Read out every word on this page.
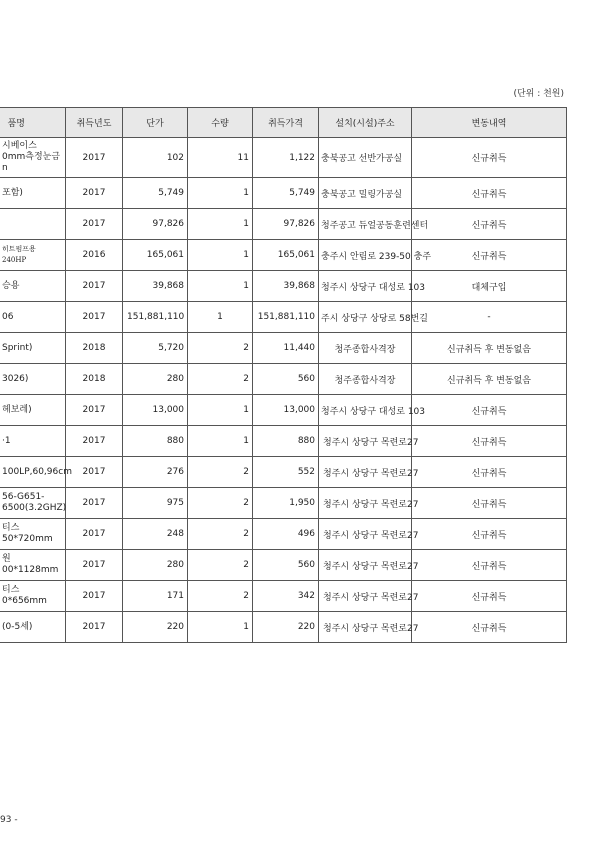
(단위 : 천원)
품명	취득년도	단가	수량	취득가격	설치(시설)주소	변동내역
시베이스
0mm측정눈금
n	2017	102	11	1,122	충북공고 선반가공실	신규취득
포함)	2017	5,749	1	5,749	충북공고 밀링가공실	신규취득
	2017	97,826	1	97,826	청주공고 듀얼공동훈련센터	신규취득
히트펌프용 240HP	2016	165,061	1	165,061	충주시 안림로 239-50 충주	신규취득
승용	2017	39,868	1	39,868	청주시 상당구 대성로 103	대체구입
06	2017	151,881,110	1	151,881,110	주시 상당구 상당로 58번길	-
Sprint)	2018	5,720	2	11,440	청주종합사격장	신규취득 후 변동없음
3026)	2018	280	2	560	청주종합사격장	신규취득 후 변동없음
헤보레)	2017	13,000	1	13,000	청주시 상당구 대성로 103	신규취득
·1	2017	880	1	880	청주시 상당구 목련로27	신규취득
100LP,60,96cm	2017	276	2	552	청주시 상당구 목련로27	신규취득
56-G651-
6500(3.2GHZ)	2017	975	2	1,950	청주시 상당구 목련로27	신규취득
티스
50*720mm	2017	248	2	496	청주시 상당구 목련로27	신규취득
원
00*1128mm	2017	280	2	560	청주시 상당구 목련로27	신규취득
티스
0*656mm	2017	171	2	342	청주시 상당구 목련로27	신규취득
(0-5세)	2017	220	1	220	청주시 상당구 목련로27	신규취득
93 -
